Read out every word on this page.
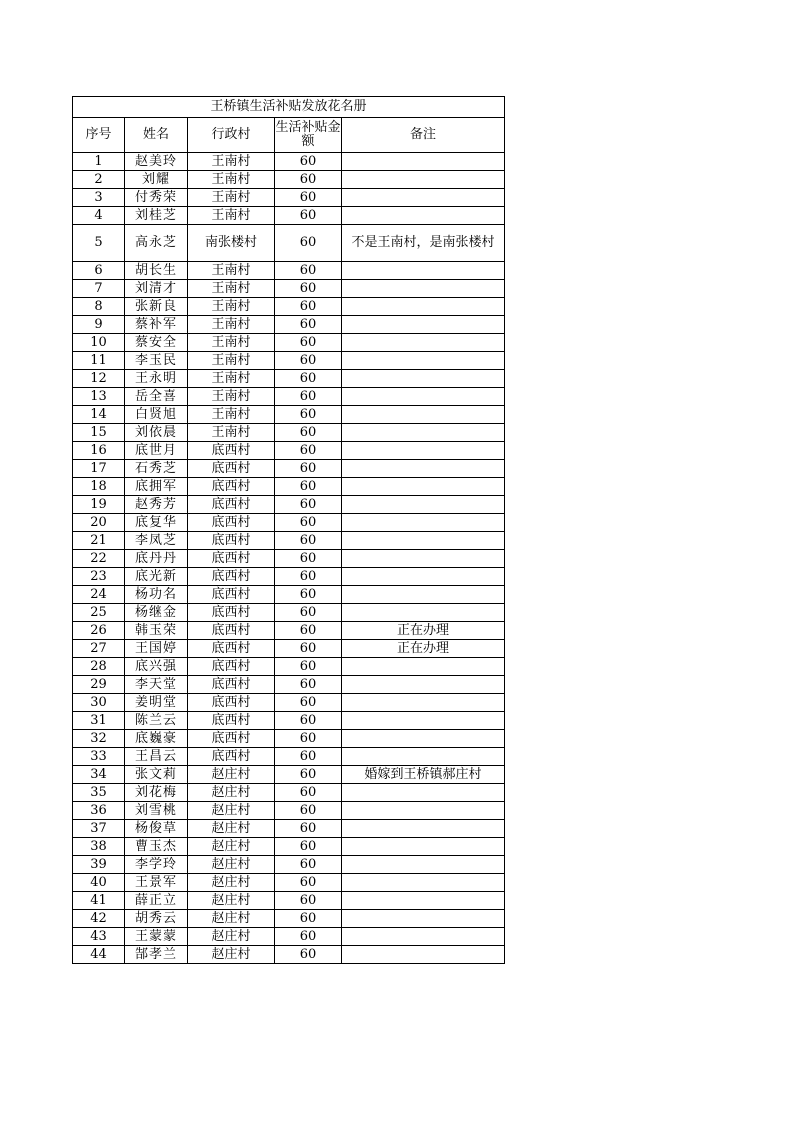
王桥镇生活补贴发放花名册				
序号	姓名	行政村	生活补贴金额	备注
1	赵美玲	王南村	60	
2	刘耀	王南村	60	
3	付秀荣	王南村	60	
4	刘桂芝	王南村	60	
5	高永芝	南张楼村	60	不是王南村，是南张楼村
6	胡长生	王南村	60	
7	刘清才	王南村	60	
8	张新良	王南村	60	
9	蔡补军	王南村	60	
10	蔡安全	王南村	60	
11	李玉民	王南村	60	
12	王永明	王南村	60	
13	岳全喜	王南村	60	
14	白贤旭	王南村	60	
15	刘依晨	王南村	60	
16	底世月	底西村	60	
17	石秀芝	底西村	60	
18	底拥军	底西村	60	
19	赵秀芳	底西村	60	
20	底复华	底西村	60	
21	李凤芝	底西村	60	
22	底丹丹	底西村	60	
23	底光新	底西村	60	
24	杨功名	底西村	60	
25	杨继金	底西村	60	
26	韩玉荣	底西村	60	正在办理
27	王国婷	底西村	60	正在办理
28	底兴强	底西村	60	
29	李天堂	底西村	60	
30	姜明堂	底西村	60	
31	陈兰云	底西村	60	
32	底巍豪	底西村	60	
33	王昌云	底西村	60	
34	张文莉	赵庄村	60	婚嫁到王桥镇郝庄村
35	刘花梅	赵庄村	60	
36	刘雪桃	赵庄村	60	
37	杨俊草	赵庄村	60	
38	曹玉杰	赵庄村	60	
39	李学玲	赵庄村	60	
40	王景军	赵庄村	60	
41	薛正立	赵庄村	60	
42	胡秀云	赵庄村	60	
43	王蒙蒙	赵庄村	60	
44	郜孝兰	赵庄村	60	
